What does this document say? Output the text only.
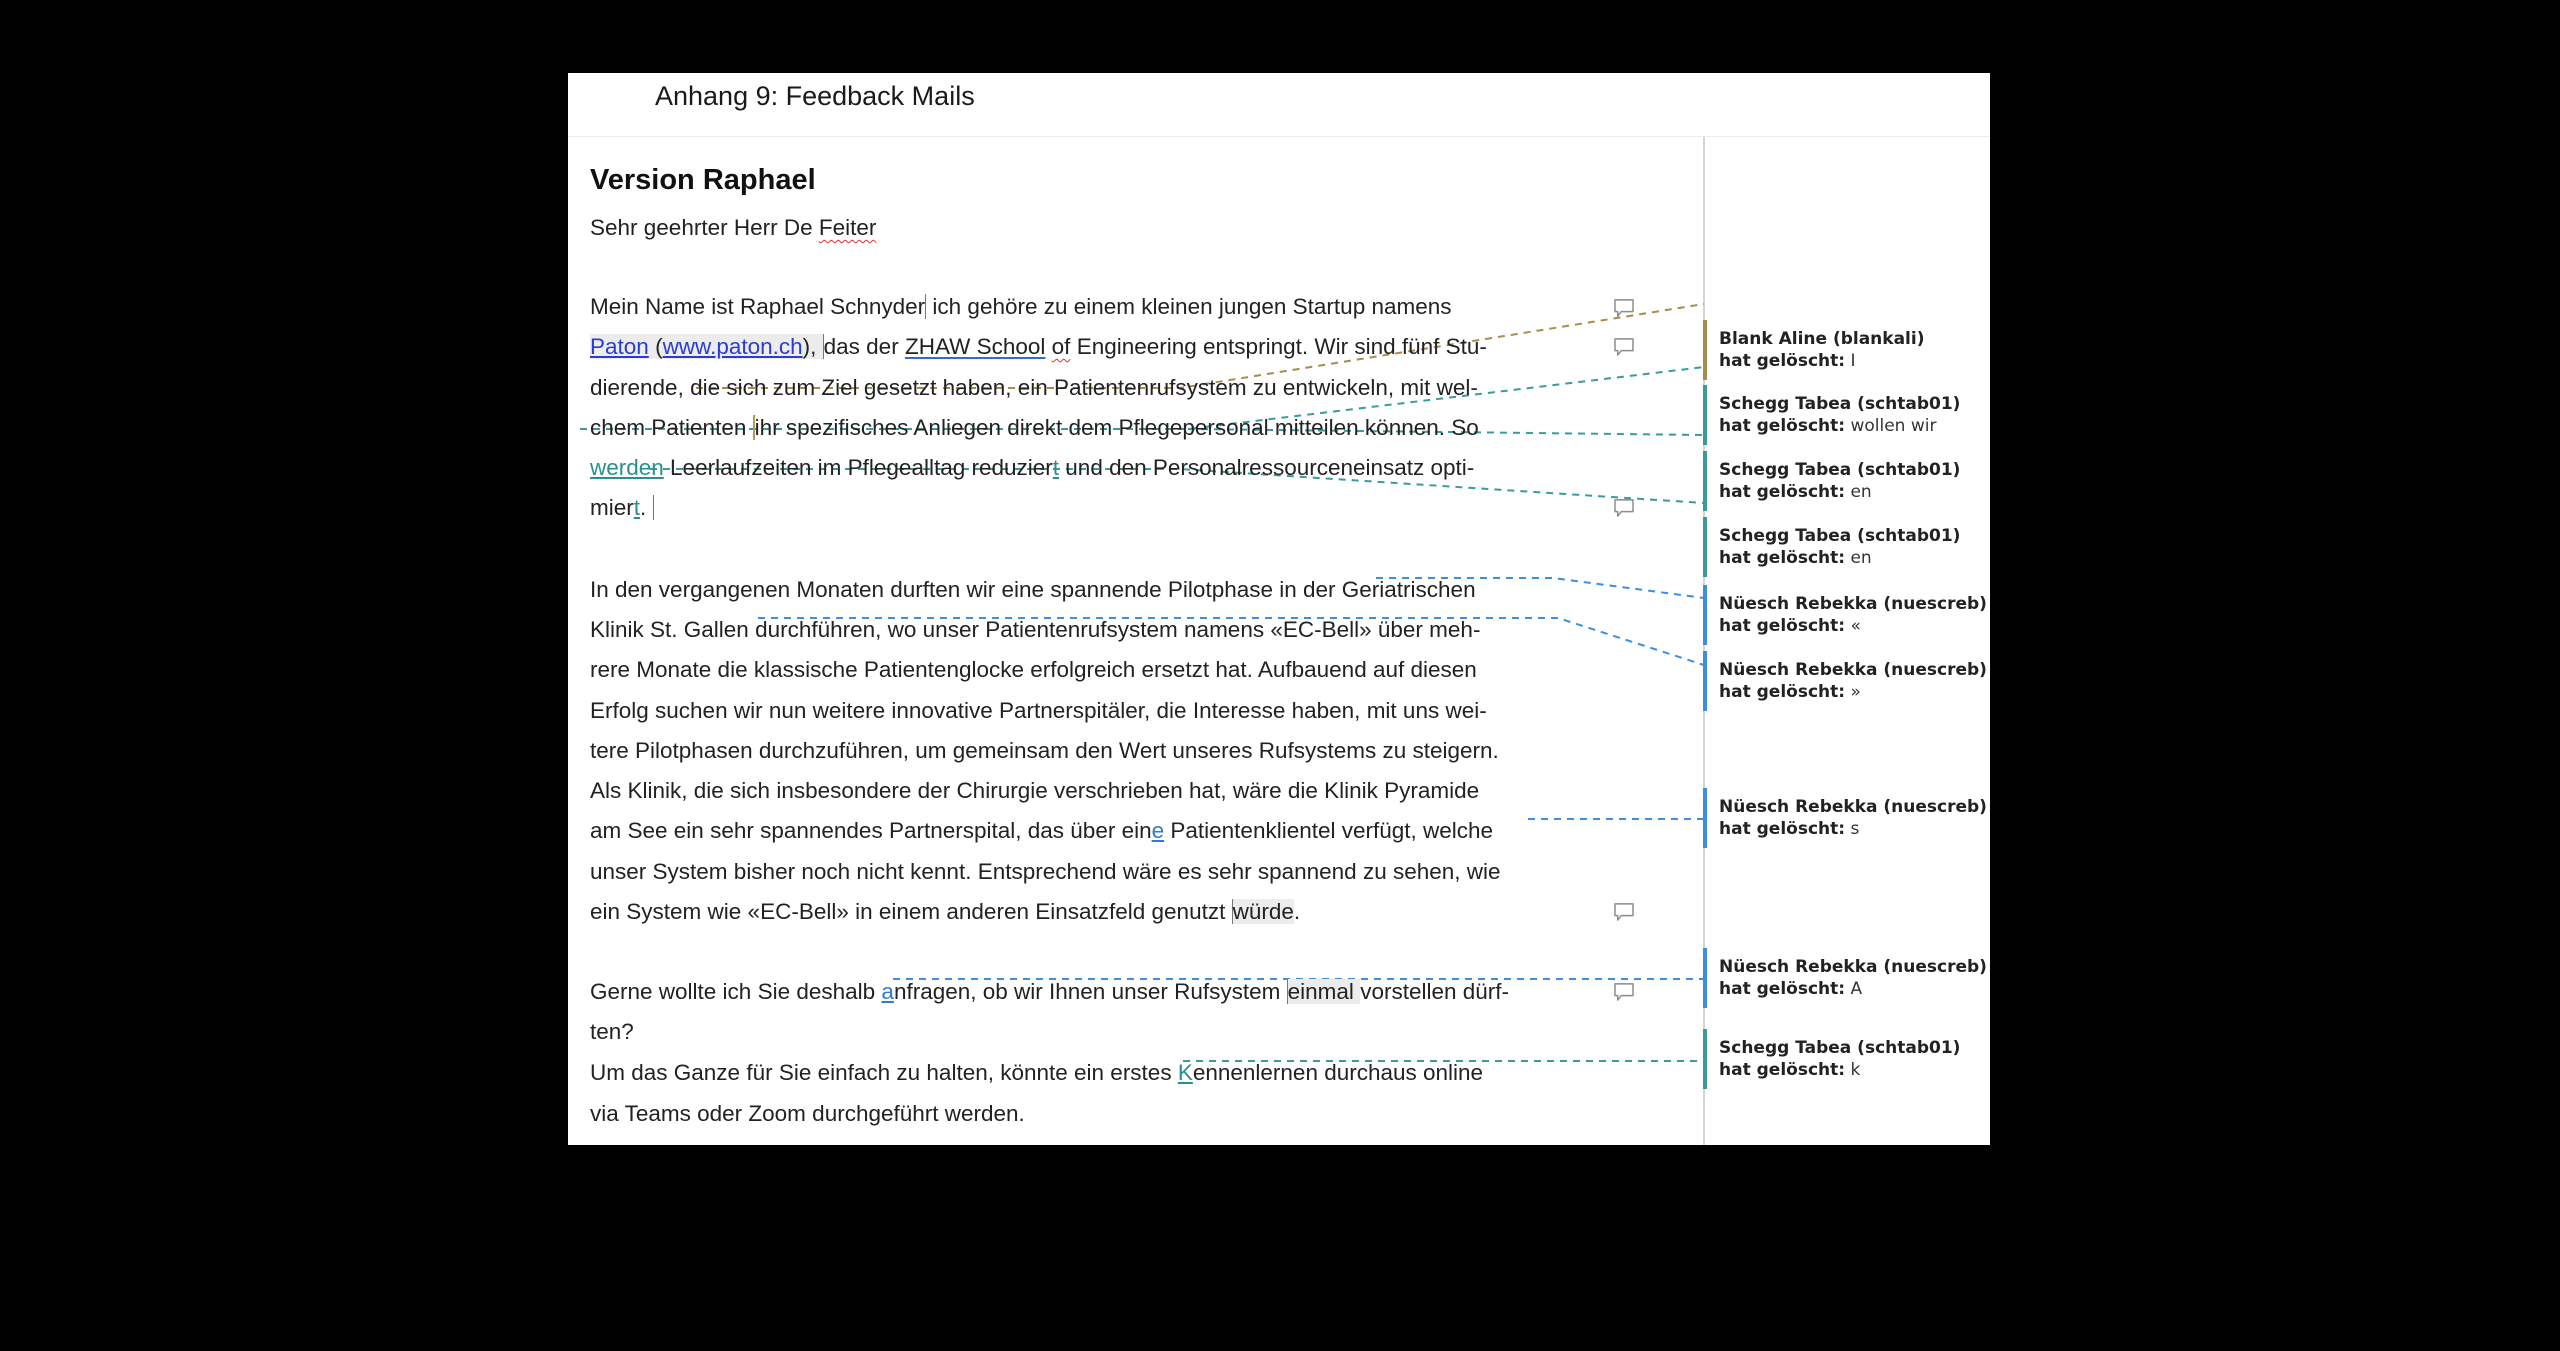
Anhang 9: Feedback Mails
Version Raphael
Sehr geehrter Herr De Feiter
Mein Name ist Raphael Schnyder ich gehöre zu einem kleinen jungen Startup namens
Paton (www.paton.ch), das der ZHAW School of Engineering entspringt. Wir sind fünf Stu-
dierende, die sich zum Ziel gesetzt haben, ein Patientenrufsystem zu entwickeln, mit wel-
chem Patienten ihr spezifisches Anliegen direkt dem Pflegepersonal mitteilen können. So
werden Leerlaufzeiten im Pflegealltag reduziert und den Personalressourceneinsatz opti-
miert.
In den vergangenen Monaten durften wir eine spannende Pilotphase in der Geriatrischen
Klinik St. Gallen durchführen, wo unser Patientenrufsystem namens «EC-Bell» über meh-
rere Monate die klassische Patientenglocke erfolgreich ersetzt hat. Aufbauend auf diesen
Erfolg suchen wir nun weitere innovative Partnerspitäler, die Interesse haben, mit uns wei-
tere Pilotphasen durchzuführen, um gemeinsam den Wert unseres Rufsystems zu steigern.
Als Klinik, die sich insbesondere der Chirurgie verschrieben hat, wäre die Klinik Pyramide
am See ein sehr spannendes Partnerspital, das über eine Patientenklientel verfügt, welche
unser System bisher noch nicht kennt. Entsprechend wäre es sehr spannend zu sehen, wie
ein System wie «EC-Bell» in einem anderen Einsatzfeld genutzt würde.
Gerne wollte ich Sie deshalb anfragen, ob wir Ihnen unser Rufsystem einmal vorstellen dürf-
ten?
Um das Ganze für Sie einfach zu halten, könnte ein erstes Kennenlernen durchaus online
via Teams oder Zoom durchgeführt werden.
Blank Aline (blankali)
hat gelöscht: I
Schegg Tabea (schtab01)
hat gelöscht: wollen wir
Schegg Tabea (schtab01)
hat gelöscht: en
Schegg Tabea (schtab01)
hat gelöscht: en
Nüesch Rebekka (nuescreb)
hat gelöscht: «
Nüesch Rebekka (nuescreb)
hat gelöscht: »
Nüesch Rebekka (nuescreb)
hat gelöscht: s
Nüesch Rebekka (nuescreb)
hat gelöscht: A
Schegg Tabea (schtab01)
hat gelöscht: k
